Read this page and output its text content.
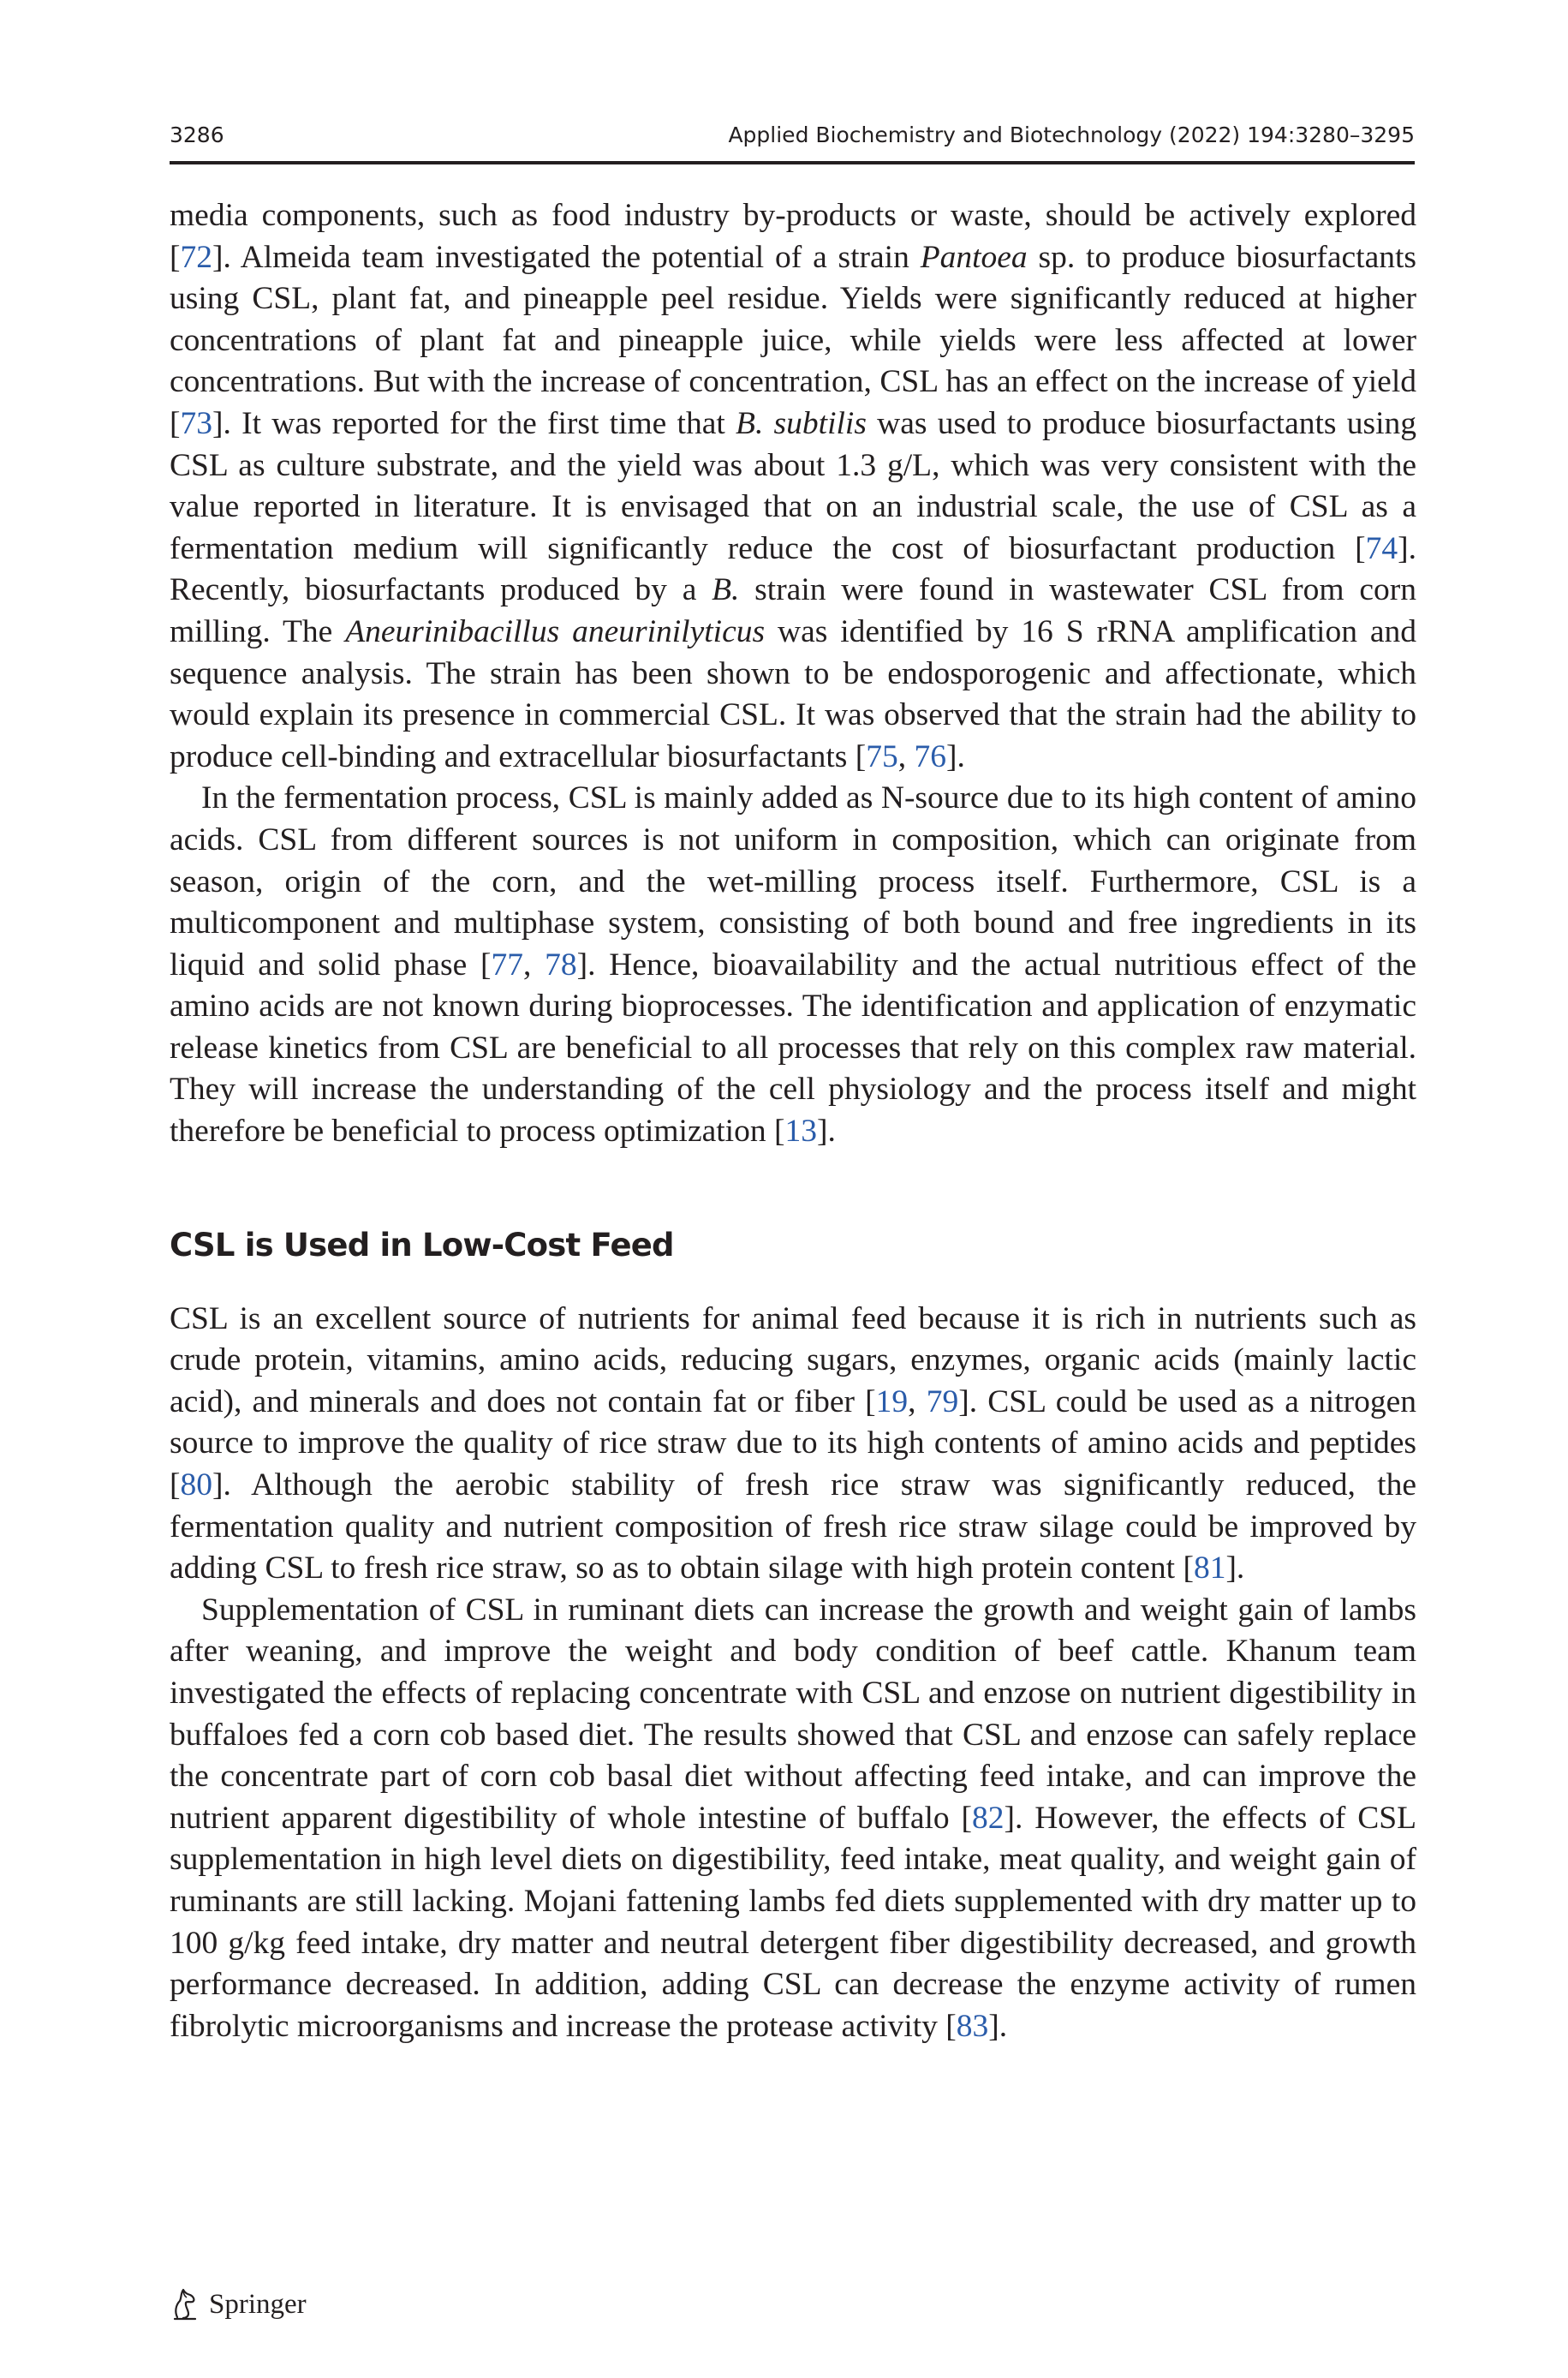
3286	Applied Biochemistry and Biotechnology (2022) 194:3280–3295

media components, such as food industry by-products or waste, should be actively explored [72]. Almeida team investigated the potential of a strain Pantoea sp. to produce biosurfactants using CSL, plant fat, and pineapple peel residue. Yields were significantly reduced at higher concentrations of plant fat and pineapple juice, while yields were less affected at lower concentrations. But with the increase of concentration, CSL has an effect on the increase of yield [73]. It was reported for the first time that B. subtilis was used to produce biosurfactants using CSL as culture substrate, and the yield was about 1.3 g/L, which was very consistent with the value reported in literature. It is envisaged that on an industrial scale, the use of CSL as a fermentation medium will significantly reduce the cost of biosurfactant production [74]. Recently, biosurfactants produced by a B. strain were found in wastewater CSL from corn milling. The Aneurinibacillus aneurinilyticus was identified by 16 S rRNA amplification and sequence analysis. The strain has been shown to be endosporogenic and affectionate, which would explain its presence in commercial CSL. It was observed that the strain had the ability to produce cell-binding and extracellular biosurfactants [75, 76].

In the fermentation process, CSL is mainly added as N-source due to its high content of amino acids. CSL from different sources is not uniform in composition, which can originate from season, origin of the corn, and the wet-milling process itself. Furthermore, CSL is a multicomponent and multiphase system, consisting of both bound and free ingredients in its liquid and solid phase [77, 78]. Hence, bioavailability and the actual nutritious effect of the amino acids are not known during bioprocesses. The identification and application of enzymatic release kinetics from CSL are beneficial to all processes that rely on this complex raw material. They will increase the understanding of the cell physiology and the process itself and might therefore be beneficial to process optimization [13].

CSL is Used in Low-Cost Feed

CSL is an excellent source of nutrients for animal feed because it is rich in nutrients such as crude protein, vitamins, amino acids, reducing sugars, enzymes, organic acids (mainly lactic acid), and minerals and does not contain fat or fiber [19, 79]. CSL could be used as a nitrogen source to improve the quality of rice straw due to its high contents of amino acids and peptides [80]. Although the aerobic stability of fresh rice straw was significantly reduced, the fermentation quality and nutrient composition of fresh rice straw silage could be improved by adding CSL to fresh rice straw, so as to obtain silage with high protein content [81].

Supplementation of CSL in ruminant diets can increase the growth and weight gain of lambs after weaning, and improve the weight and body condition of beef cattle. Khanum team investigated the effects of replacing concentrate with CSL and enzose on nutrient digestibility in buffaloes fed a corn cob based diet. The results showed that CSL and enzose can safely replace the concentrate part of corn cob basal diet without affecting feed intake, and can improve the nutrient apparent digestibility of whole intestine of buffalo [82]. However, the effects of CSL supplementation in high level diets on digestibility, feed intake, meat quality, and weight gain of ruminants are still lacking. Mojani fattening lambs fed diets supplemented with dry matter up to 100 g/kg feed intake, dry matter and neutral detergent fiber digestibility decreased, and growth performance decreased. In addition, adding CSL can decrease the enzyme activity of rumen fibrolytic microorganisms and increase the protease activity [83].

Springer
